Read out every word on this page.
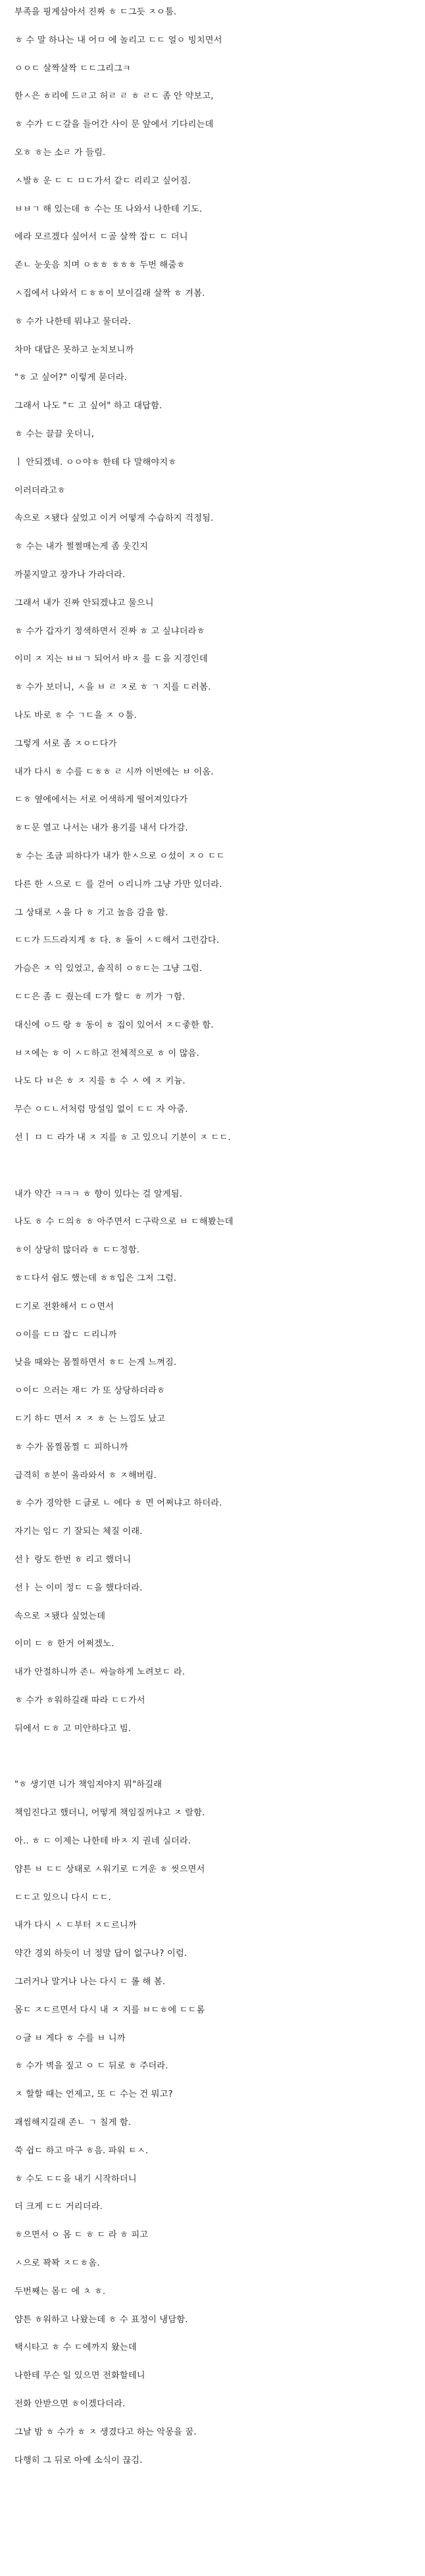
부족을 핑계삼아서 진짜 ㅎ ㄷ그듯 ㅈㅇ툼.
ㅎ 수 말 하나는 내 어ㅁ 에 놀리고 ㄷㄷ 얼ㅇ 빙치면서
ㅇㅇㄷ 살짝살짝 ㄷㄷ그리그ㅋ
한ㅅ은 ㅎ리에 드ㄹ고 허ㄹ ㄹ ㅎ ㄹㄷ 좀 안 약보고,
ㅎ 수가 ㄷㄷ갈을 들어간 사이 문 앞에서 기다리는데
오ㅎ ㅎ는 소ㄹ 가 들림.
ㅅ발ㅎ 운 ㄷ ㄷ ㅁㄷ가서 같ㄷ 리리고 싶어짐.
ㅂㅂㄱ 해 있는데 ㅎ 수는 또 나와서 나한테 기도.
에라 모르겠다 싶어서 ㄷ골 살짝 잡ㄷ ㄷ 더니
존ㄴ 눈웃음 치며 ㅇㅎㅎ ㅎㅎㅎ 두번 해줌ㅎ
ㅅ집에서 나와서 ㄷㅎㅎ이 보이길래 살짝 ㅎ 겨봄.
ㅎ 수가 나한테 뭐냐고 물더라.
차마 대답은 못하고 눈치보니까
"ㅎ 고 싶어?" 이렇게 묻더라.
그래서 나도 "ㄷ 고 싶어" 하고 대답함.
ㅎ 수는 끌끌 웃더니,
ㅣ 안되겠네. ㅇㅇ야ㅎ 한테 다 말해야지ㅎ
이러더라고ㅎ
속으로 ㅈ됐다 싶었고 이거 어떻게 수습하지 걱정됨.
ㅎ 수는 내가 쩔쩔매는게 좀 웃긴지
까불지말고 장가나 가라더라.
그래서 내가 진짜 안되겠냐고 물으니
ㅎ 수가 갑자기 정색하면서 진짜 ㅎ 고 싶냐더라ㅎ
이미 ㅈ 지는 ㅂㅂㄱ 되어서 바ㅈ 를 ㄷ을 지경인데
ㅎ 수가 보더니, ㅅ을 ㅂ ㄹ ㅈ로 ㅎ ㄱ 지를 ㄷ러봄.
나도 바로 ㅎ 수 ㄱㄷ을 ㅈ ㅇ툼.
그렇게 서로 좀 ㅈㅇㄷ다가
내가 다시 ㅎ 수를 ㄷㅎㅎ ㄹ 시까 이번에는 ㅂ 이옴.
ㄷㅎ 옆에에서는 서로 어색하게 떨어져있다가
ㅎㄷ문 열고 나서는 내가 용기를 내서 다가감.
ㅎ 수는 조금 피하다가 내가 한ㅅ으로 ㅇ섰이 ㅈㅇ ㄷㄷ
다른 한 ㅅ으로 ㄷ 를 걷어 ㅇ리니까 그냥 가만 있더라.
그 상태로 ㅅ을 다 ㅎ 기고 놀음 감을 함.
ㄷㄷ가 드드라지게 ㅎ 다. ㅎ 돌이 ㅅㄷ해서 그런감다.
가슴은 ㅈ 익 있었고, 솔직히 ㅇㅎㄷ는 그냥 그럼.
ㄷㄷ은 좀 ㄷ 줬는데 ㄷ가 할ㄷ ㅎ 끼가 ㄱ함.
대신에 ㅇ드 랑 ㅎ 동이 ㅎ 집이 있어서 ㅈㄷ좋한 함.
ㅂㅈ에는 ㅎ 이 ㅅㄷ하고 전체적으로 ㅎ 이 많음.
나도 다 ㅂ은 ㅎ ㅈ 지를 ㅎ 수 ㅅ 에 ㅈ 키늉.
무슨 ㅇㄷㄴ서처럼 망설임 없이 ㄷㄷ 자 아줌.
선ㅣ ㅁ ㄷ 라가 내 ㅈ 지를 ㅎ 고 있으니 기분이 ㅈ ㄷㄷ.
내가 약간 ㅋㅋㅋ ㅎ 향이 있다는 걸 알게됨.
나도 ㅎ 수 ㄷ의ㅎ ㅎ 아주면서 ㄷ구락으로 ㅂ ㄷ해봤는데
ㅎ이 상당히 많더라 ㅎ ㄷㄷ정함.
ㅎㄷ다서 쉼도 했는데 ㅎㅎ입은 그저 그럼.
ㄷ기로 전환해서 ㄷㅇ면서
ㅇ이를 ㄷㅁ 잡ㄷ ㄷ리니까
낮을 때와는 몸찔하면서 ㅎㄷ 는게 느껴짐.
ㅇ이ㄷ 으러는 재ㄷ 가 또 상당하더라ㅎ
ㄷ기 하ㄷ 면서 ㅈ ㅈ ㅎ 는 느낌도 났고
ㅎ 수가 몸찔몸찔 ㄷ 피하니까
급격히 ㅎ분이 올라와서 ㅎ ㅈ해버림.
ㅎ 수가 경악한 ㄷ글로 ㄴ 에다 ㅎ 면 어쩌냐고 하더라.
자기는 임ㄷ 기 잘되는 체질 이래.
선ㅏ 랑도 한번 ㅎ 리고 했더니
선ㅏ 는 이미 정ㄷ ㄷ을 했다더라.
속으로 ㅈ됐다 싶었는데
이미 ㄷ ㅎ 한거 어쩌겠노.
내가 안절하니까 존ㄴ 싸늘하게 노려보ㄷ 라.
ㅎ 수가 ㅎ워하길래 따라 ㄷㄷ가서
뒤에서 ㄷㅎ 고 미안하다고 빔.
"ㅎ 생기면 니가 책임져야지 뭐"하길래
책임진다고 했더니, 어떻게 책임질꺼냐고 ㅈ 랄함.
아.. ㅎ ㄷ 이제는 나한테 바ㅈ 지 권네 실더라.
얌튼 ㅂ ㄷㄷ 상태로 ㅅ워기로 ㄷ겨운 ㅎ 씻으면서
ㄷㄷ고 있으니 다시 ㄷㄷ.
내가 다시 ㅅ ㄷ부터 ㅈㄷ르니까
약간 경외 하듯이 너 정말 답이 없구나? 이럼.
그러거나 말거나 나는 다시 ㄷ 롤 해 봄.
몸ㄷ ㅈㄷ르면서 다시 내 ㅈ 지를 ㅂㄷㅎ에 ㄷㄷ롬
ㅇ글 ㅂ 게다 ㅎ 수를 ㅂ 니까
ㅎ 수가 벽을 짚고 ㅇ ㄷ 뒤로 ㅎ 주더라.
ㅈ 할할 때는 언제고, 또 ㄷ 수는 건 뭐고?
괘씸해지길래 존ㄴ ㄱ 칠게 함.
쑥 쉽ㄷ 하고 마구 ㅎ음. 파워 ㅌㅅ.
ㅎ 수도 ㄷㄷ을 내기 시작하더니
더 크게 ㄷㄷ 거리더라.
ㅎ으면서 ㅇ 몸 ㄷ ㅎ ㄷ 라 ㅎ 피고
ㅅ으로 꽉꽉 ㅈㄷㅎ옴.
두번째는 몸ㄷ 에 ㅊ ㅎ.
얌튼 ㅎ워하고 나왔는데 ㅎ 수 표정이 냉담함.
택시타고 ㅎ 수 ㄷ에까지 왔는데
나한테 무슨 일 있으면 전화할테니
전화 안받으면 ㅎ이겠다더라.
그날 밤 ㅎ 수가 ㅎ ㅈ 생겼다고 하는 악몽을 꿈.
다행히 그 뒤로 아예 소식이 끊김.
